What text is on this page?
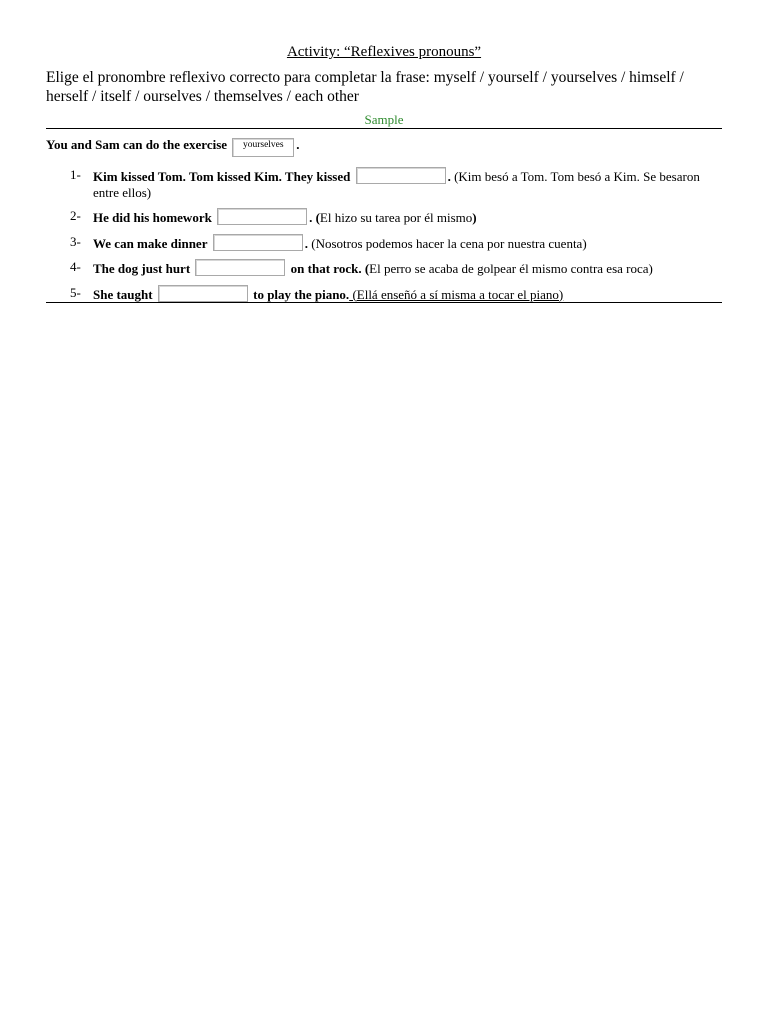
Activity: “Reflexives pronouns”
Elige el pronombre reflexivo correcto para completar la frase: myself / yourself / yourselves / himself / herself / itself / ourselves / themselves / each other
Sample
You and Sam can do the exercise yourselves .
1- Kim kissed Tom. Tom kissed Kim. They kissed	. (Kim besó a Tom. Tom besó a Kim. Se besaron entre ellos)
2- He did his homework	. (El hizo su tarea por él mismo)
3- We can make dinner	. (Nosotros podemos hacer la cena por nuestra cuenta)
4- The dog just hurt	on that rock. (El perro se acaba de golpear él mismo contra esa roca)
5- She taught	to play the piano. (Ellá enseñó a sí misma a tocar el piano)
